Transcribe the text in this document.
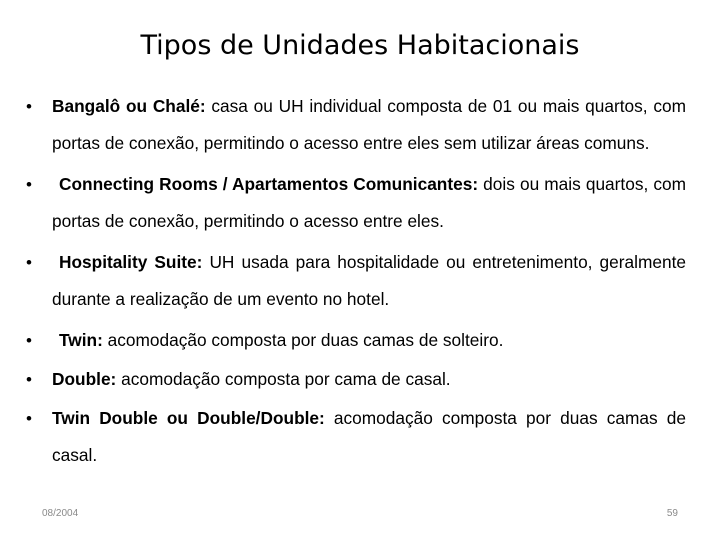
Tipos de Unidades Habitacionais
• Bangalô ou Chalé: casa ou UH individual composta de 01 ou mais quartos, com portas de conexão, permitindo o acesso entre eles sem utilizar áreas comuns.
• Connecting Rooms / Apartamentos Comunicantes: dois ou mais quartos, com portas de conexão, permitindo o acesso entre eles.
• Hospitality Suite: UH usada para hospitalidade ou entretenimento, geralmente durante a realização de um evento no hotel.
• Twin: acomodação composta por duas camas de solteiro.
• Double: acomodação composta por cama de casal.
• Twin Double ou Double/Double: acomodação composta por duas camas de casal.
08/2004	59
